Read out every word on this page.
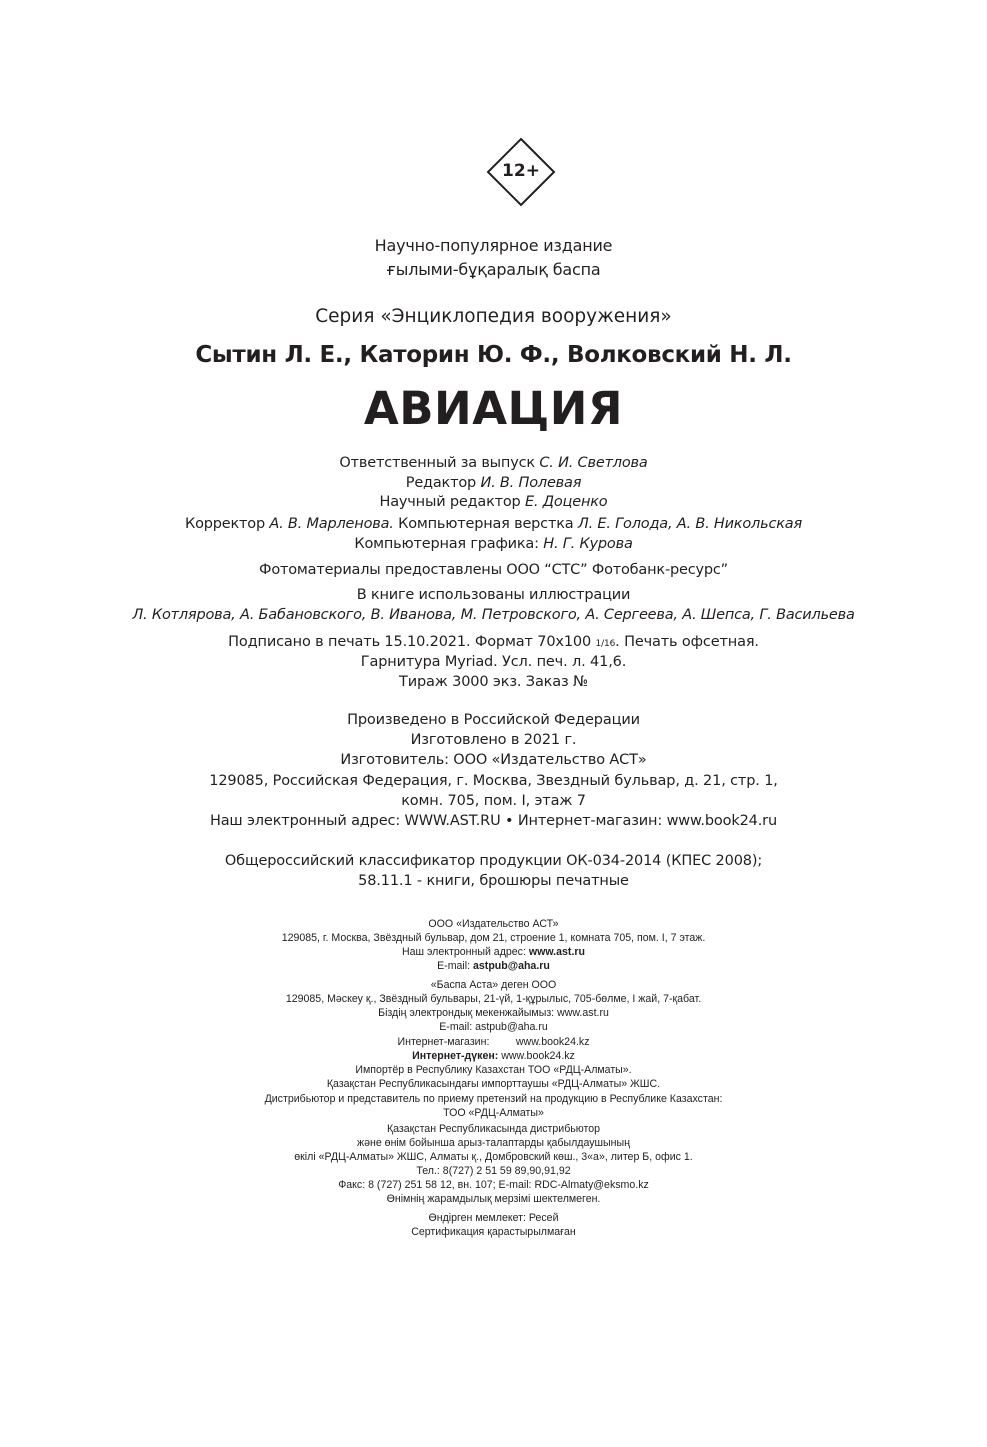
12+
Научно-популярное издание
ғылыми-бұқаралық баспа
Серия «Энциклопедия вооружения»
Сытин Л. Е., Каторин Ю. Ф., Волковский Н. Л.
АВИАЦИЯ
Ответственный за выпуск С. И. Светлова
Редактор И. В. Полевая
Научный редактор Е. Доценко
Корректор А. В. Марленова. Компьютерная верстка Л. Е. Голода, А. В. Никольская
Компьютерная графика: Н. Г. Курова
Фотоматериалы предоставлены ООО “СТС” Фотобанк-ресурс”
В книге использованы иллюстрации
Л. Котлярова, А. Бабановского, В. Иванова, М. Петровского, А. Сергеева, А. Шепса, Г. Васильева
Подписано в печать 15.10.2021. Формат 70х100 1/16. Печать офсетная.
Гарнитура Myriad. Усл. печ. л. 41,6.
Тираж 3000 экз. Заказ №
Произведено в Российской Федерации
Изготовлено в 2021 г.
Изготовитель: ООО «Издательство АСТ»
129085, Российская Федерация, г. Москва, Звездный бульвар, д. 21, стр. 1,
комн. 705, пом. I, этаж 7
Наш электронный адрес: WWW.AST.RU • Интернет-магазин: www.book24.ru
Общероссийский классификатор продукции ОК-034-2014 (КПЕС 2008);
58.11.1 - книги, брошюры печатные
ООО «Издательство АСТ»
129085, г. Москва, Звёздный бульвар, дом 21, строение 1, комната 705, пом. I, 7 этаж.
Наш электронный адрес: www.ast.ru
E-mail: astpub@aha.ru
«Баспа Аста» деген ООО
129085, Мәскеу қ., Звёздный бульвары, 21-үй, 1-құрылыс, 705-бөлме, I жай, 7-қабат.
Біздің электрондық мекенжайымыз: www.ast.ru
E-mail: astpub@aha.ru
Интернет-магазин:	www.book24.kz
Интернет-дүкен: www.book24.kz
Импортёр в Республику Казахстан ТОО «РДЦ-Алматы».
Қазақстан Республикасындағы импорттаушы «РДЦ-Алматы» ЖШС.
Дистрибьютор и представитель по приему претензий на продукцию в Республике Казахстан:
ТОО «РДЦ-Алматы»
Қазақстан Республикасында дистрибьютор
және өнім бойынша арыз-талаптарды қабылдаушының
өкілі «РДЦ-Алматы» ЖШС, Алматы қ., Домбровский көш., 3«а», литер Б, офис 1.
Тел.: 8(727) 2 51 59 89,90,91,92
Факс: 8 (727) 251 58 12, вн. 107; E-mail: RDC-Almaty@eksmo.kz
Өнімнің жарамдылық мерзімі шектелмеген.
Өндірген мемлекет: Ресей
Сертификация қарастырылмаған
